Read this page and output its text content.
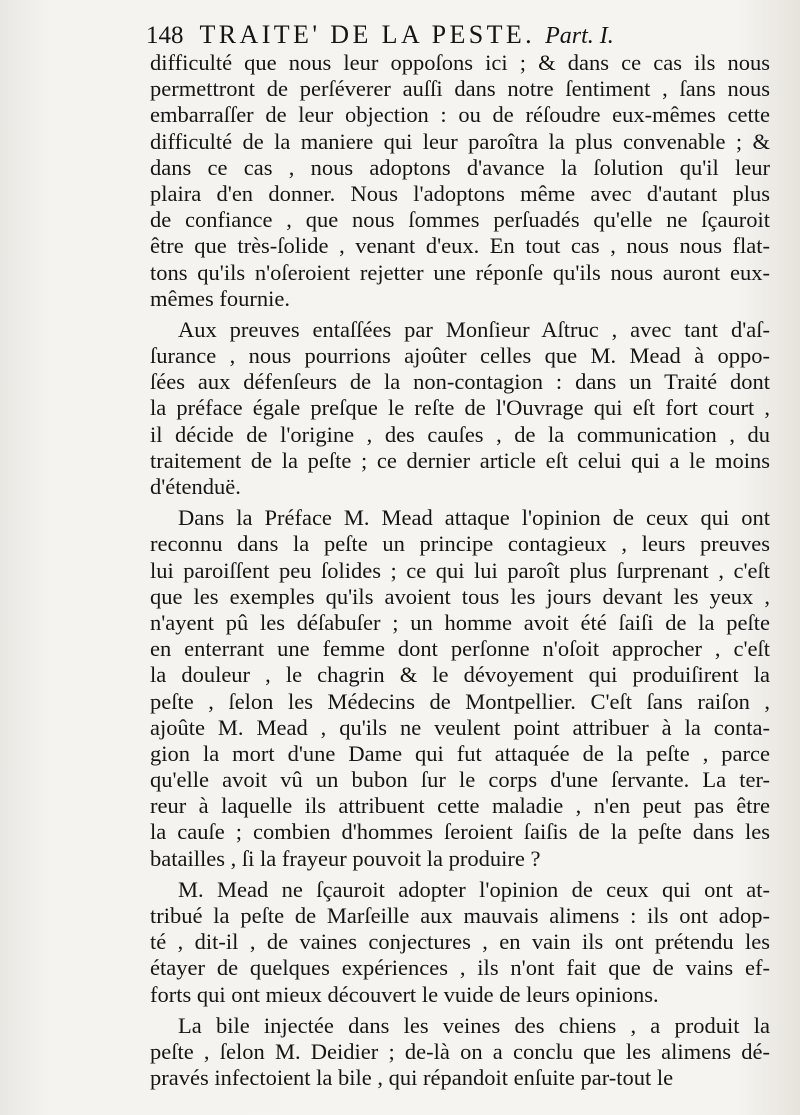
148 TRAITE' DE LA PESTE. Part. I.
difficulté que nous leur oppoſons ici ; & dans ce cas ils nous
permettront de perſéverer auſſi dans notre ſentiment , ſans nous
embarraſſer de leur objection : ou de réſoudre eux-mêmes cette
difficulté de la maniere qui leur paroîtra la plus convenable ; &
dans ce cas , nous adoptons d'avance la ſolution qu'il leur
plaira d'en donner. Nous l'adoptons même avec d'autant plus
de confiance , que nous ſommes perſuadés qu'elle ne ſçauroit
être que très-ſolide , venant d'eux. En tout cas , nous nous flat-
tons qu'ils n'oſeroient rejetter une réponſe qu'ils nous auront eux-
mêmes fournie.
Aux preuves entaſſées par Monſieur Aſtruc , avec tant d'aſ-
ſurance , nous pourrions ajoûter celles que M. Mead à oppo-
ſées aux défenſeurs de la non-contagion : dans un Traité dont
la préface égale preſque le reſte de l'Ouvrage qui eſt fort court ,
il décide de l'origine , des cauſes , de la communication , du
traitement de la peſte ; ce dernier article eſt celui qui a le moins
d'étenduë.
Dans la Préface M. Mead attaque l'opinion de ceux qui ont
reconnu dans la peſte un principe contagieux , leurs preuves
lui paroiſſent peu ſolides ; ce qui lui paroît plus ſurprenant , c'eſt
que les exemples qu'ils avoient tous les jours devant les yeux ,
n'ayent pû les déſabuſer ; un homme avoit été ſaiſi de la peſte
en enterrant une femme dont perſonne n'oſoit approcher , c'eſt
la douleur , le chagrin & le dévoyement qui produiſirent la
peſte , ſelon les Médecins de Montpellier. C'eſt ſans raiſon ,
ajoûte M. Mead , qu'ils ne veulent point attribuer à la conta-
gion la mort d'une Dame qui fut attaquée de la peſte , parce
qu'elle avoit vû un bubon ſur le corps d'une ſervante. La ter-
reur à laquelle ils attribuent cette maladie , n'en peut pas être
la cauſe ; combien d'hommes ſeroient ſaiſis de la peſte dans les
batailles , ſi la frayeur pouvoit la produire ?
M. Mead ne ſçauroit adopter l'opinion de ceux qui ont at-
tribué la peſte de Marſeille aux mauvais alimens : ils ont adop-
té , dit-il , de vaines conjectures , en vain ils ont prétendu les
étayer de quelques expériences , ils n'ont fait que de vains ef-
forts qui ont mieux découvert le vuide de leurs opinions.
La bile injectée dans les veines des chiens , a produit la
peſte , ſelon M. Deidier ; de-là on a conclu que les alimens dé-
pravés infectoient la bile , qui répandoit enſuite par-tout le
